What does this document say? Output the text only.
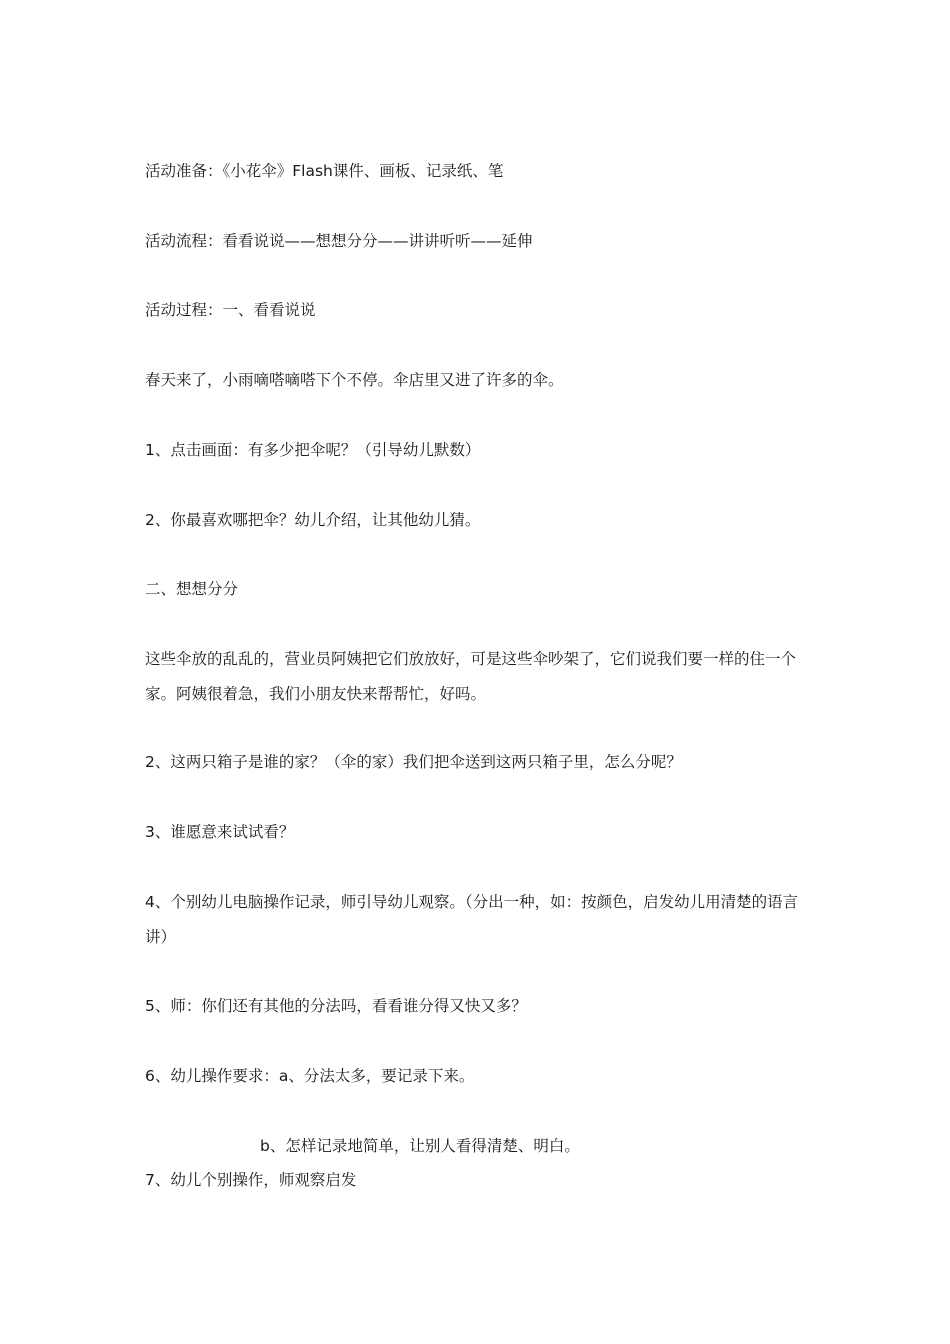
活动准备：《小花伞》Flash课件、画板、记录纸、笔
活动流程：看看说说——想想分分——讲讲听听——延伸
活动过程：一、看看说说
春天来了，小雨嘀嗒嘀嗒下个不停。伞店里又进了许多的伞。
1、点击画面：有多少把伞呢？（引导幼儿默数）
2、你最喜欢哪把伞？幼儿介绍，让其他幼儿猜。
二、想想分分
这些伞放的乱乱的，营业员阿姨把它们放放好，可是这些伞吵架了，它们说我们要一样的住一个家。阿姨很着急，我们小朋友快来帮帮忙，好吗。
2、这两只箱子是谁的家？（伞的家）我们把伞送到这两只箱子里，怎么分呢？
3、谁愿意来试试看？
4、个别幼儿电脑操作记录，师引导幼儿观察。（分出一种，如：按颜色，启发幼儿用清楚的语言讲）
5、师：你们还有其他的分法吗，看看谁分得又快又多？
6、幼儿操作要求：a、分法太多，要记录下来。
b、怎样记录地简单，让别人看得清楚、明白。
7、幼儿个别操作，师观察启发
